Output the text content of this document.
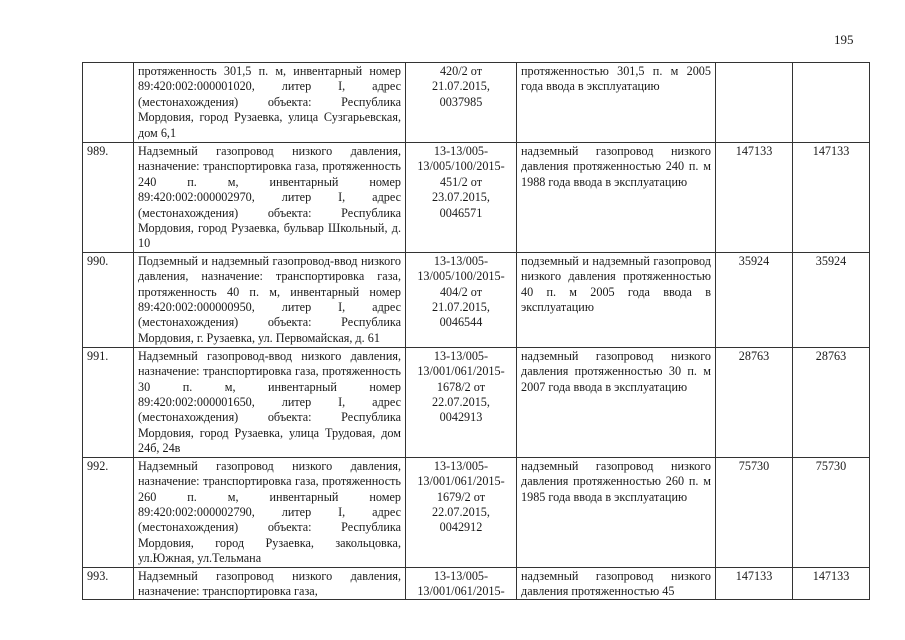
195
	протяженность 301,5 п. м, инвентарный номер 89:420:002:000001020, литер I, адрес (местонахождения) объекта: Республика Мордовия, город Рузаевка, улица Сузгарьевская, дом 6,1	420/2 от 21.07.2015, 0037985	протяженностью 301,5 п. м 2005 года ввода в эксплуатацию		
989.	Надземный газопровод низкого давления, назначение: транспортировка газа, протяженность 240 п. м, инвентарный номер 89:420:002:000002970, литер I, адрес (местонахождения) объекта: Республика Мордовия, город Рузаевка, бульвар Школьный, д. 10	13-13/005-13/005/100/2015-451/2 от 23.07.2015, 0046571	надземный газопровод низкого давления протяженностью 240 п. м 1988 года ввода в эксплуатацию	147133	147133
990.	Подземный и надземный газопровод-ввод низкого давления, назначение: транспортировка газа, протяженность 40 п. м, инвентарный номер 89:420:002:000000950, литер I, адрес (местонахождения) объекта: Республика Мордовия, г. Рузаевка, ул. Первомайская, д. 61	13-13/005-13/005/100/2015-404/2 от 21.07.2015, 0046544	подземный и надземный газопровод низкого давления протяженностью 40 п. м 2005 года ввода в эксплуатацию	35924	35924
991.	Надземный газопровод-ввод низкого давления, назначение: транспортировка газа, протяженность 30 п. м, инвентарный номер 89:420:002:000001650, литер I, адрес (местонахождения) объекта: Республика Мордовия, город Рузаевка, улица Трудовая, дом 24б, 24в	13-13/005-13/001/061/2015-1678/2 от 22.07.2015, 0042913	надземный газопровод низкого давления протяженностью 30 п. м 2007 года ввода в эксплуатацию	28763	28763
992.	Надземный газопровод низкого давления, назначение: транспортировка газа, протяженность 260 п. м, инвентарный номер 89:420:002:000002790, литер I, адрес (местонахождения) объекта: Республика Мордовия, город Рузаевка, закольцовка, ул.Южная, ул.Тельмана	13-13/005-13/001/061/2015-1679/2 от 22.07.2015, 0042912	надземный газопровод низкого давления протяженностью 260 п. м 1985 года ввода в эксплуатацию	75730	75730
993.	Надземный газопровод низкого давления, назначение: транспортировка газа,	13-13/005-13/001/061/2015-	надземный газопровод низкого давления протяженностью 45	147133	147133
